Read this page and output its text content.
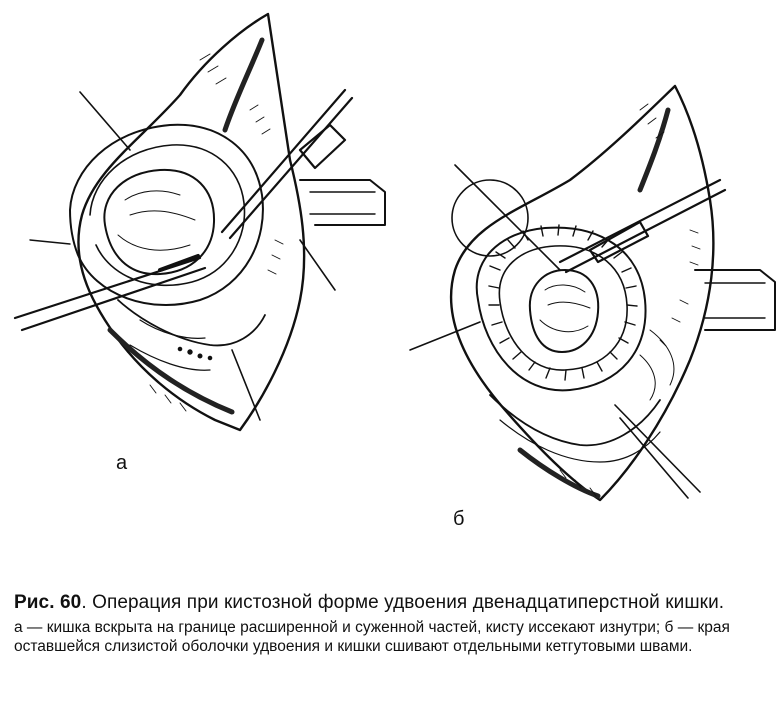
а
б

Рис. 60. Операция при кистозной форме удвоения двенадцатиперстной кишки.

а — кишка вскрыта на границе расширенной и суженной частей, кисту иссекают изнутри; б — края оставшейся слизистой оболочки удвоения и кишки сшивают отдельными кетгутовыми швами.
